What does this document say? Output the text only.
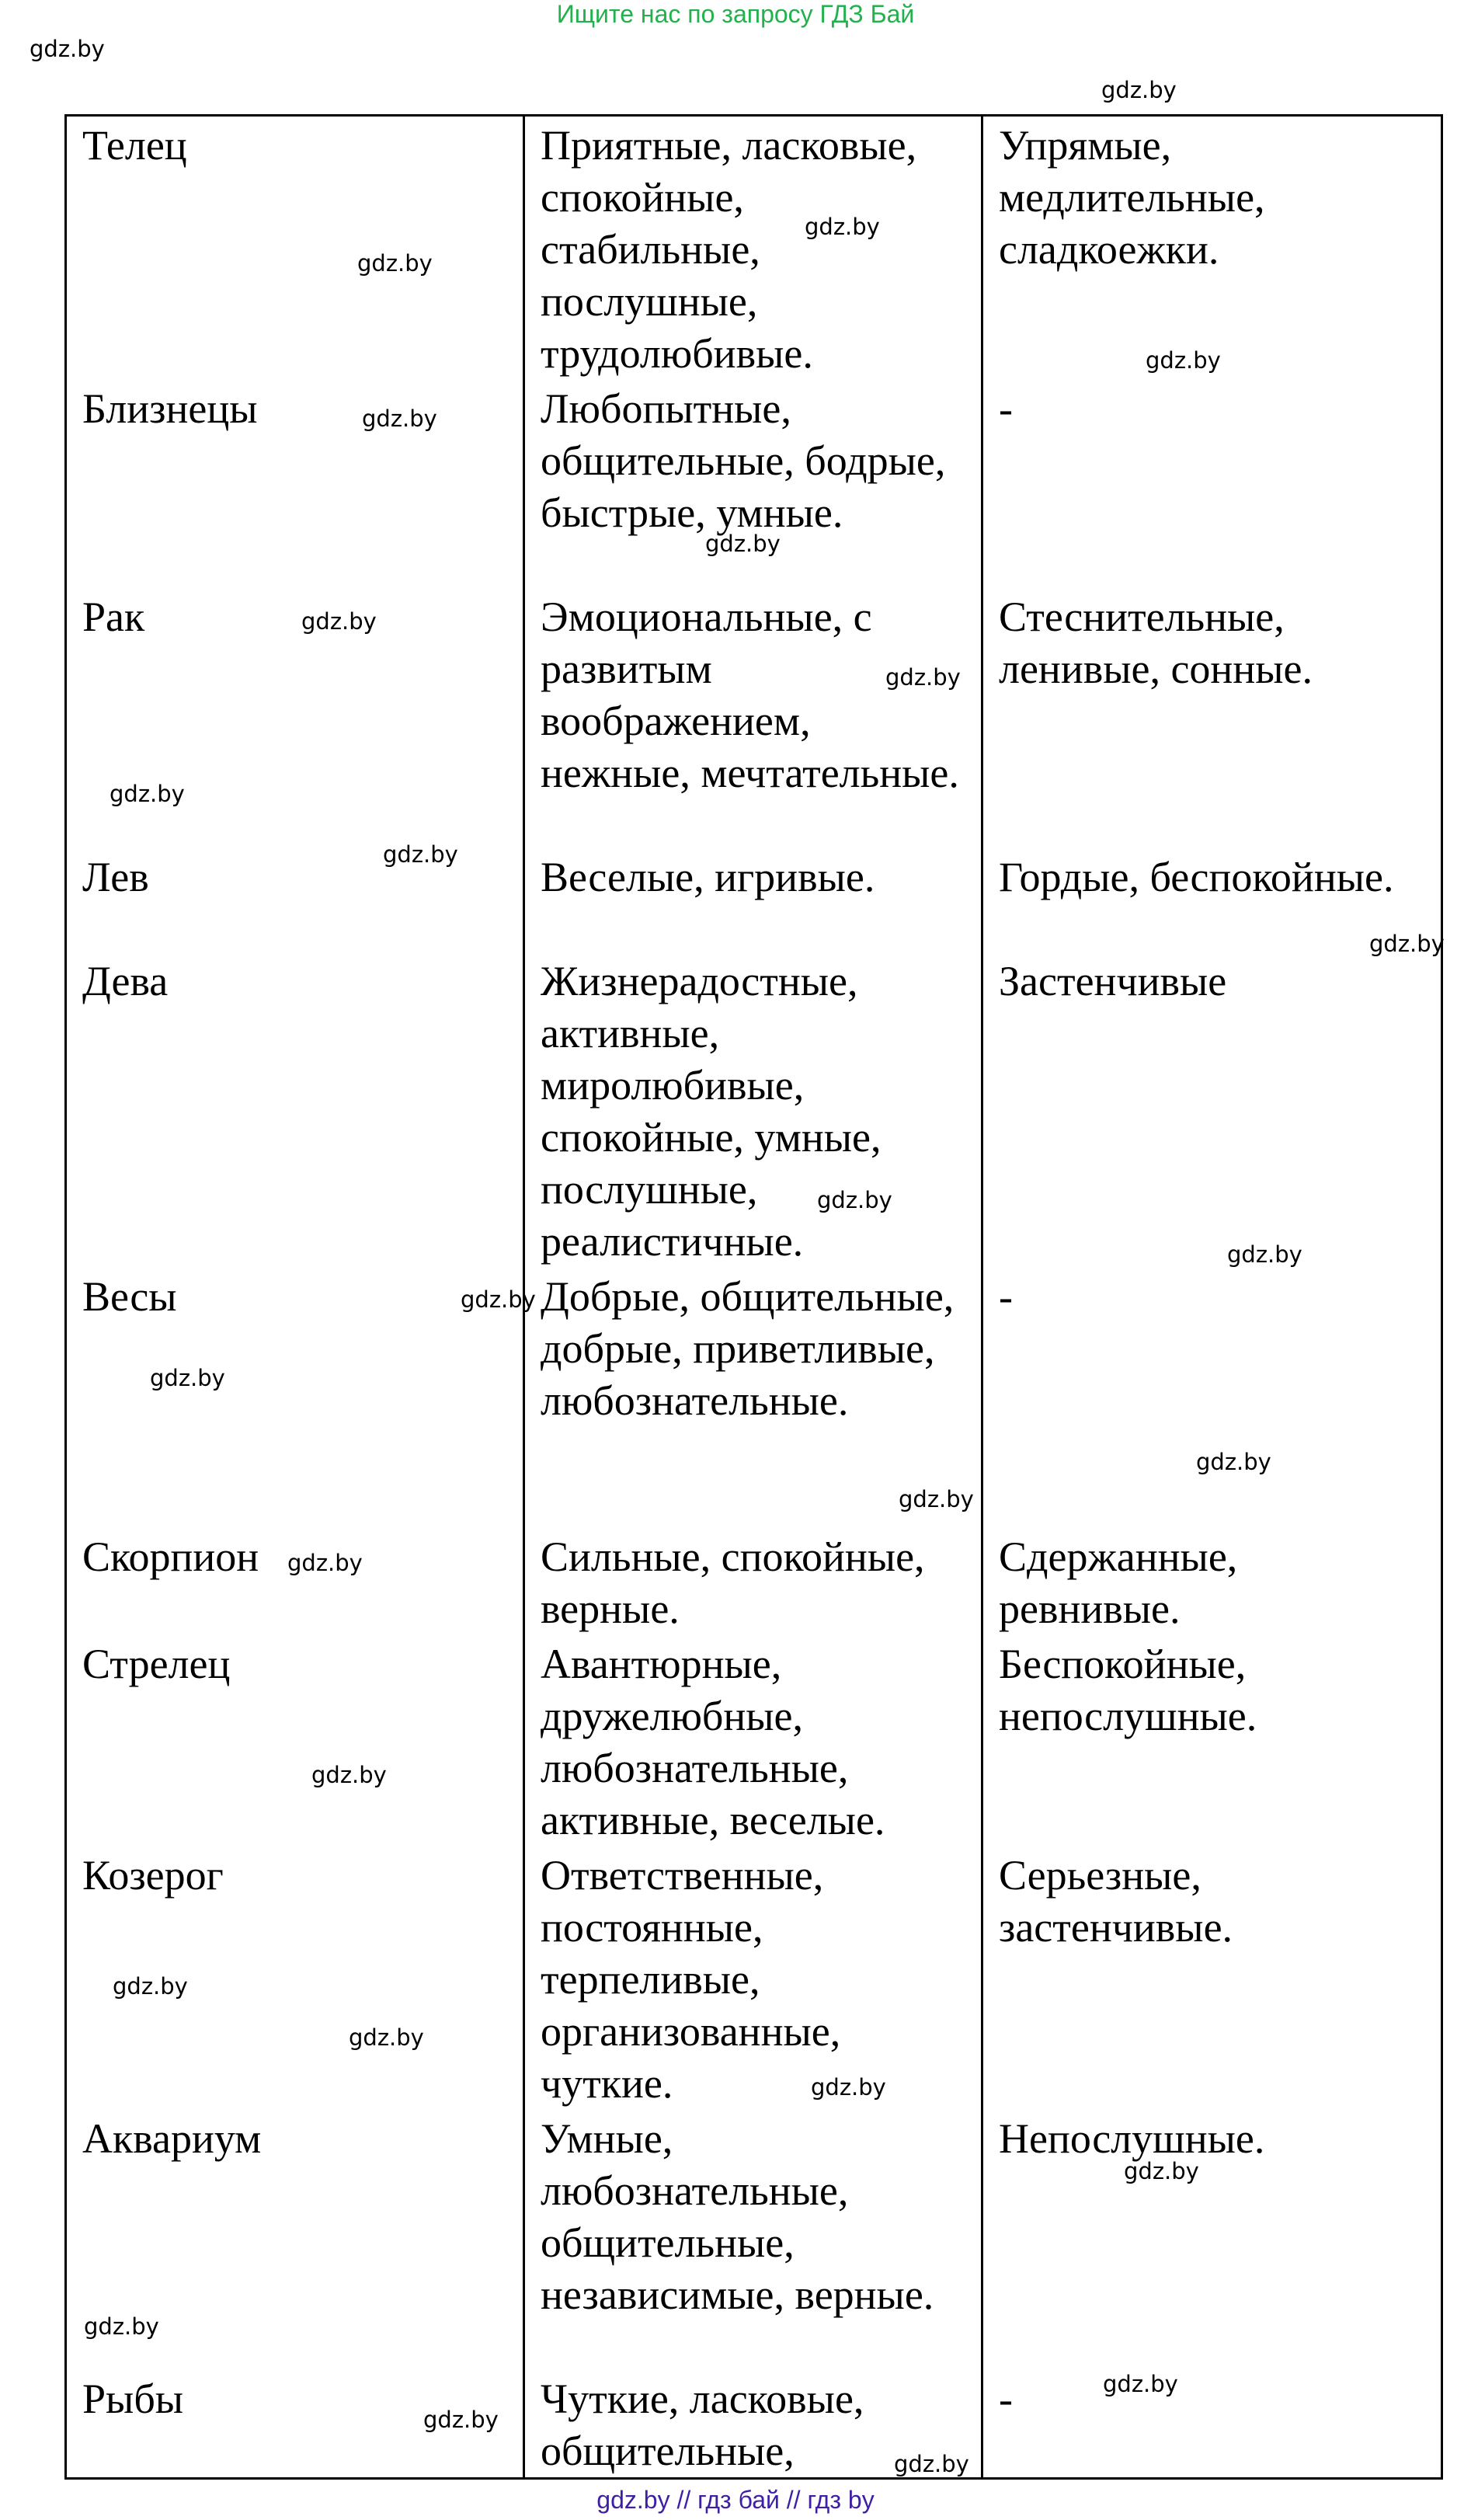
Ищите нас по запросу ГДЗ Бай
Телец	Приятные, ласковые, спокойные, стабильные, послушные, трудолюбивые.	Упрямые, медлительные, сладкоежки.
Близнецы	Любопытные, общительные, бодрые, быстрые, умные.	-
Рак	Эмоциональные, с развитым воображением, нежные, мечтательные.	Стеснительные, ленивые, сонные.
Лев	Веселые, игривые.	Гордые, беспокойные.
Дева	Жизнерадостные, активные, миролюбивые, спокойные, умные, послушные, реалистичные.	Застенчивые
Весы	Добрые, общительные, добрые, приветливые, любознательные.	-
Скорпион	Сильные, спокойные, верные.	Сдержанные, ревнивые.
Стрелец	Авантюрные, дружелюбные, любознательные, активные, веселые.	Беспокойные, непослушные.
Козерог	Ответственные, постоянные, терпеливые, организованные, чуткие.	Серьезные, застенчивые.
Аквариум	Умные, любознательные, общительные, независимые, верные.	Непослушные.
Рыбы	Чуткие, ласковые, общительные,	-
gdz.by
gdz.by
gdz.by
gdz.by
gdz.by
gdz.by
gdz.by
gdz.by
gdz.by
gdz.by
gdz.by
gdz.by
gdz.by
gdz.by
gdz.by
gdz.by
gdz.by
gdz.by
gdz.by
gdz.by
gdz.by
gdz.by
gdz.by
gdz.by
gdz.by
gdz.by
gdz.by
gdz.by
gdz.by // гдз бай // гдз by
